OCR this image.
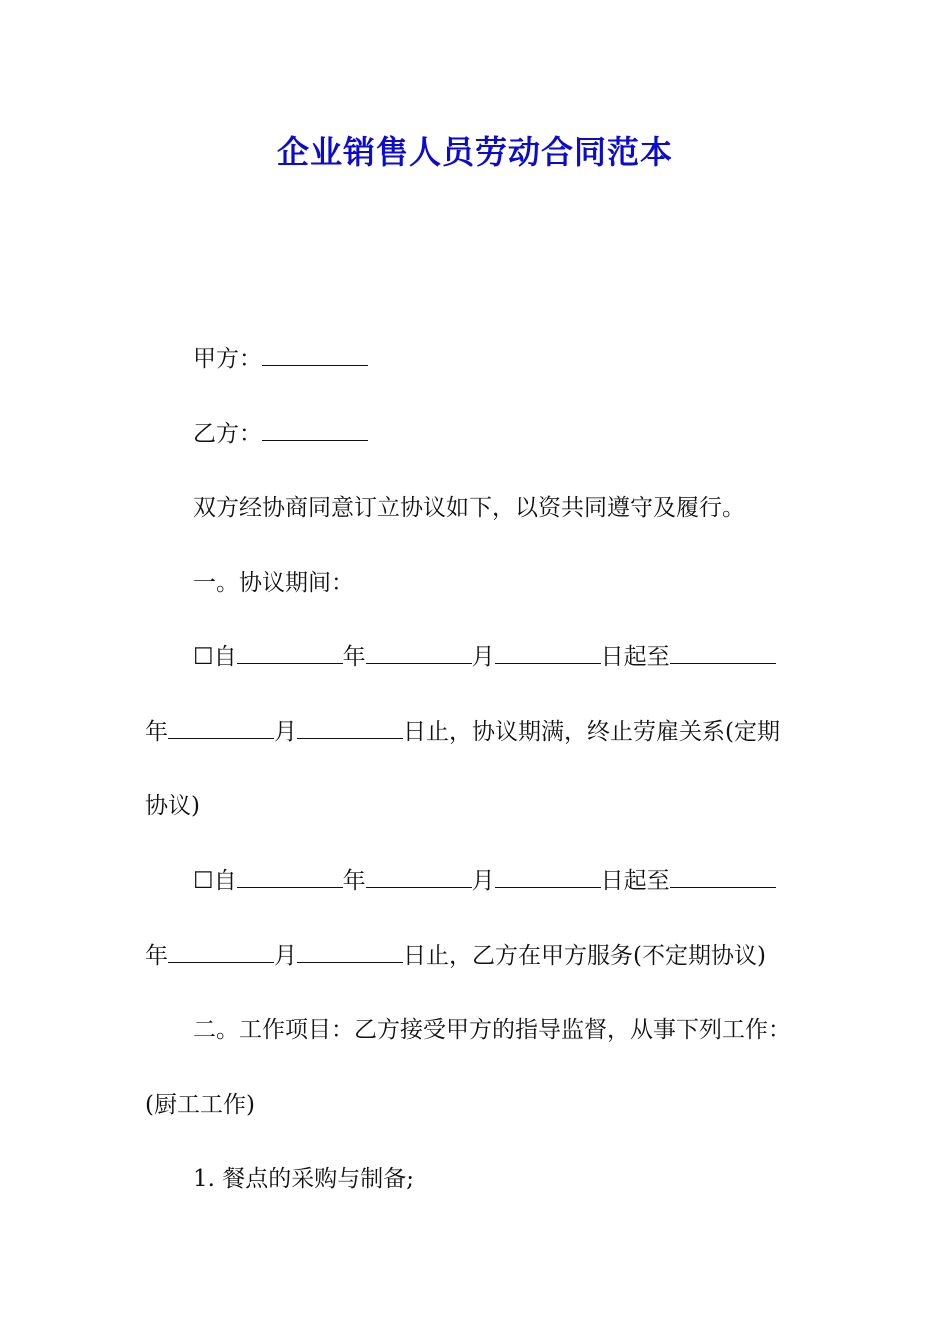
企业销售人员劳动合同范本
甲方：
乙方：
双方经协商同意订立协议如下，以资共同遵守及履行。
一。协议期间：
☐自	年	月	日起至
年	月	日止，协议期满，终止劳雇关系(定期
协议)
☐自	年	月	日起至
年	月	日止，乙方在甲方服务(不定期协议)
二。工作项目：乙方接受甲方的指导监督，从事下列工作：
(厨工工作)
1. 餐点的采购与制备;
